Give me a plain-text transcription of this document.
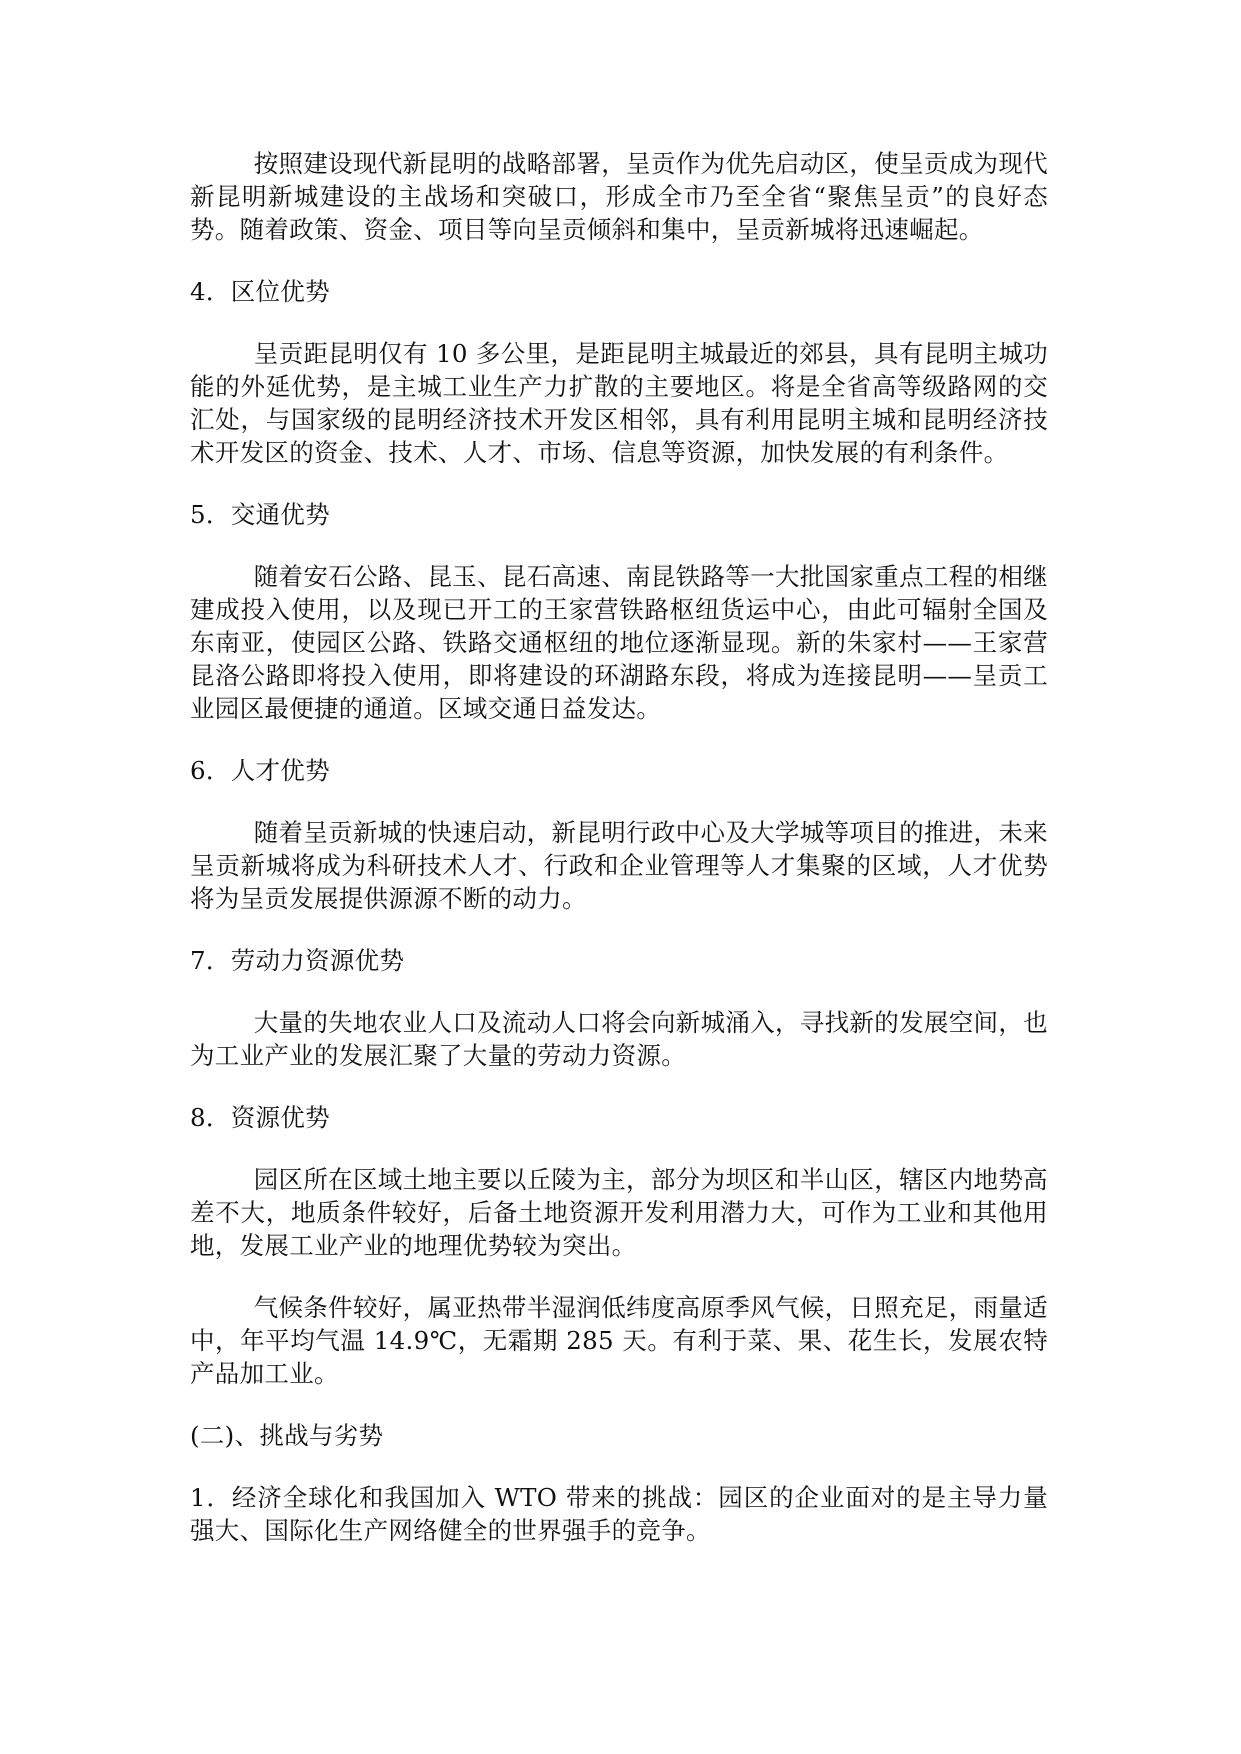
按照建设现代新昆明的战略部署，呈贡作为优先启动区，使呈贡成为现代新昆明新城建设的主战场和突破口，形成全市乃至全省“聚焦呈贡”的良好态势。随着政策、资金、项目等向呈贡倾斜和集中，呈贡新城将迅速崛起。

4．区位优势

呈贡距昆明仅有 10 多公里，是距昆明主城最近的郊县，具有昆明主城功能的外延优势，是主城工业生产力扩散的主要地区。将是全省高等级路网的交汇处，与国家级的昆明经济技术开发区相邻，具有利用昆明主城和昆明经济技术开发区的资金、技术、人才、市场、信息等资源，加快发展的有利条件。

5．交通优势

随着安石公路、昆玉、昆石高速、南昆铁路等一大批国家重点工程的相继建成投入使用，以及现已开工的王家营铁路枢纽货运中心，由此可辐射全国及东南亚，使园区公路、铁路交通枢纽的地位逐渐显现。新的朱家村——王家营昆洛公路即将投入使用，即将建设的环湖路东段，将成为连接昆明——呈贡工业园区最便捷的通道。区域交通日益发达。

6．人才优势

随着呈贡新城的快速启动，新昆明行政中心及大学城等项目的推进，未来呈贡新城将成为科研技术人才、行政和企业管理等人才集聚的区域，人才优势将为呈贡发展提供源源不断的动力。

7．劳动力资源优势

大量的失地农业人口及流动人口将会向新城涌入，寻找新的发展空间，也为工业产业的发展汇聚了大量的劳动力资源。

8．资源优势

园区所在区域土地主要以丘陵为主，部分为坝区和半山区，辖区内地势高差不大，地质条件较好，后备土地资源开发利用潜力大，可作为工业和其他用地，发展工业产业的地理优势较为突出。

气候条件较好，属亚热带半湿润低纬度高原季风气候，日照充足，雨量适中，年平均气温 14.9℃，无霜期 285 天。有利于菜、果、花生长，发展农特产品加工业。

(二)、挑战与劣势

1．经济全球化和我国加入 WTO 带来的挑战：园区的企业面对的是主导力量强大、国际化生产网络健全的世界强手的竞争。
